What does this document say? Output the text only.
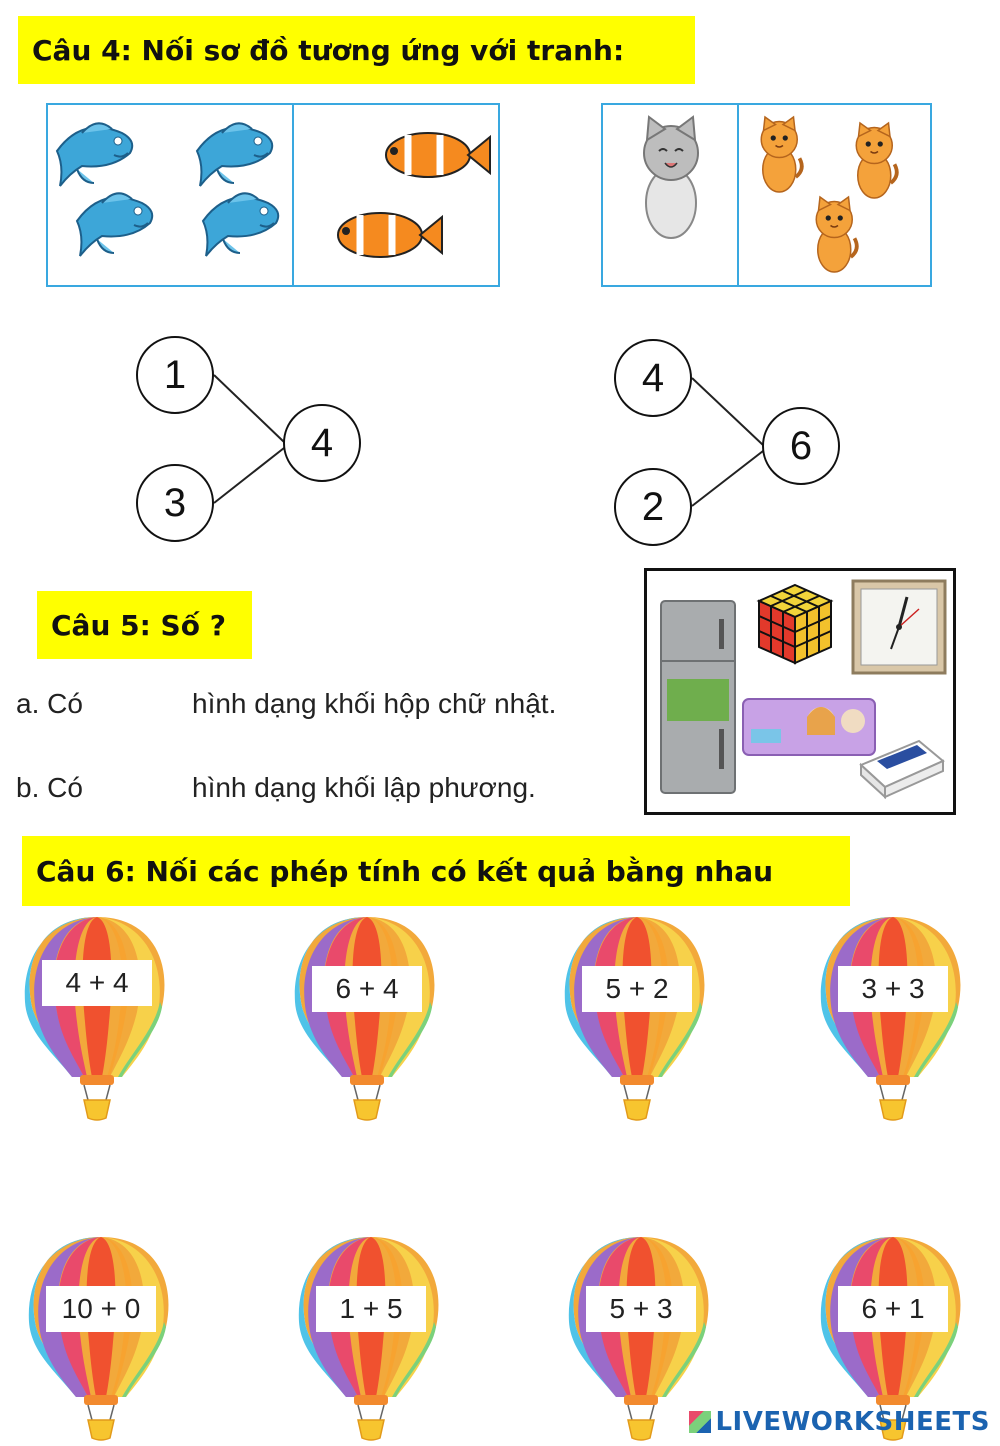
Câu 4: Nối sơ đồ tương ứng với tranh:
1
3
4
4
2
6
Câu 5: Số ?
a. Có	hình dạng khối hộp chữ nhật.
b. Có	hình dạng khối lập phương.
Câu 6: Nối các phép tính có kết quả bằng nhau
4 + 4	6 + 4	5 + 2	3 + 3
10 + 0	1 + 5	5 + 3	6 + 1
LIVEWORKSHEETS
